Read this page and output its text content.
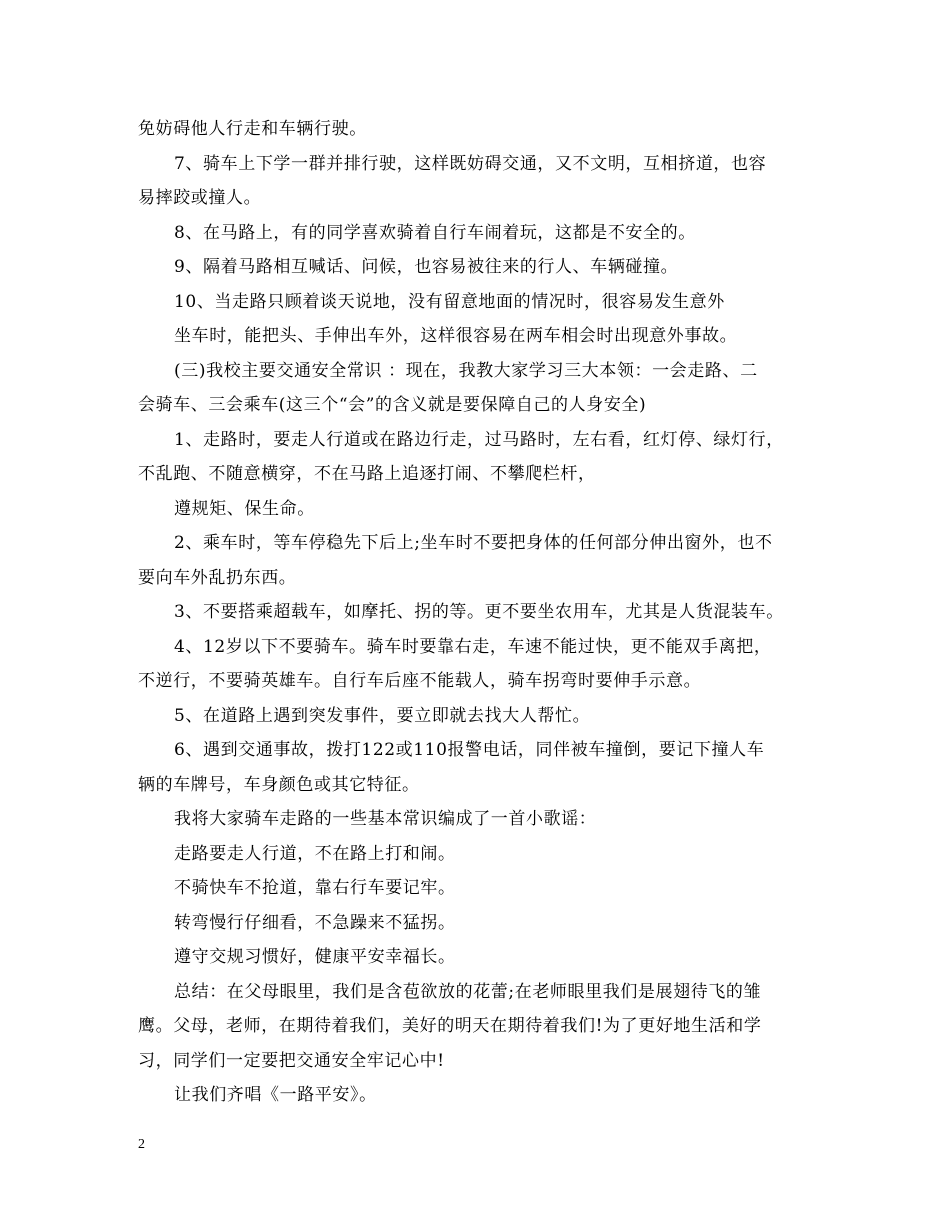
免妨碍他人行走和车辆行驶。
7、骑车上下学一群并排行驶，这样既妨碍交通，又不文明，互相挤道，也容
易摔跤或撞人。
8、在马路上，有的同学喜欢骑着自行车闹着玩，这都是不安全的。
9、隔着马路相互喊话、问候，也容易被往来的行人、车辆碰撞。
10、当走路只顾着谈天说地，没有留意地面的情况时，很容易发生意外
坐车时，能把头、手伸出车外，这样很容易在两车相会时出现意外事故。
(三)我校主要交通安全常识 ：现在，我教大家学习三大本领：一会走路、二
会骑车、三会乘车(这三个“会”的含义就是要保障自己的人身安全)
1、走路时，要走人行道或在路边行走，过马路时，左右看，红灯停、绿灯行，
不乱跑、不随意横穿，不在马路上追逐打闹、不攀爬栏杆，
遵规矩、保生命。
2、乘车时，等车停稳先下后上;坐车时不要把身体的任何部分伸出窗外，也不
要向车外乱扔东西。
3、不要搭乘超载车，如摩托、拐的等。更不要坐农用车，尤其是人货混装车。
4、12岁以下不要骑车。骑车时要靠右走，车速不能过快，更不能双手离把，
不逆行，不要骑英雄车。自行车后座不能载人，骑车拐弯时要伸手示意。
5、在道路上遇到突发事件，要立即就去找大人帮忙。
6、遇到交通事故，拨打122或110报警电话，同伴被车撞倒，要记下撞人车
辆的车牌号，车身颜色或其它特征。
我将大家骑车走路的一些基本常识编成了一首小歌谣：
走路要走人行道，不在路上打和闹。
不骑快车不抢道，靠右行车要记牢。
转弯慢行仔细看，不急躁来不猛拐。
遵守交规习惯好，健康平安幸福长。
总结：在父母眼里，我们是含苞欲放的花蕾;在老师眼里我们是展翅待飞的雏
鹰。父母，老师，在期待着我们，美好的明天在期待着我们!为了更好地生活和学
习，同学们一定要把交通安全牢记心中!
让我们齐唱《一路平安》。
2
